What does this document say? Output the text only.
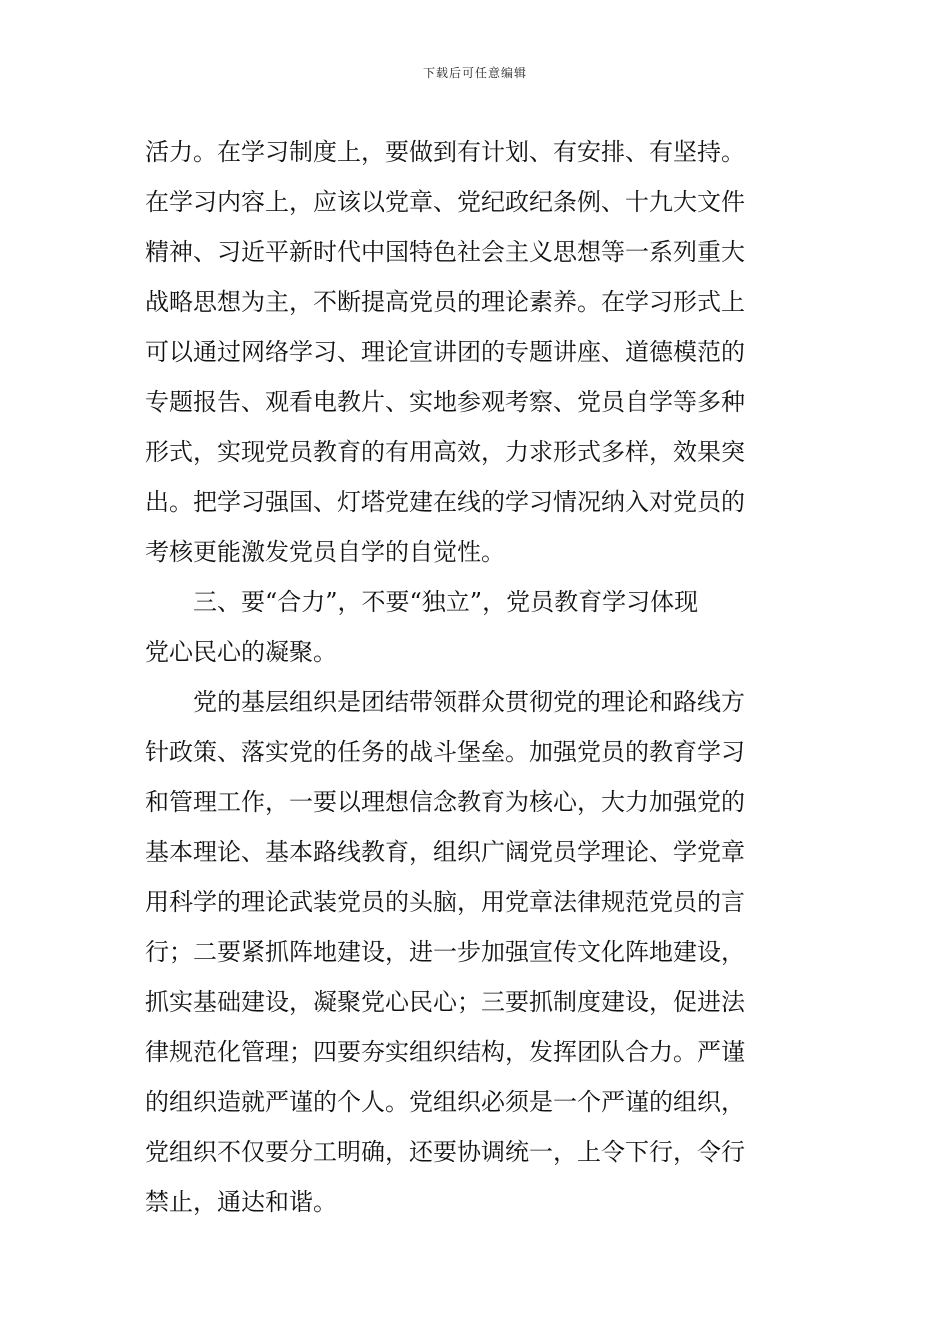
下载后可任意编辑
活力。在学习制度上，要做到有计划、有安排、有坚持。
在学习内容上，应该以党章、党纪政纪条例、十九大文件
精神、习近平新时代中国特色社会主义思想等一系列重大
战略思想为主，不断提高党员的理论素养。在学习形式上
可以通过网络学习、理论宣讲团的专题讲座、道德模范的
专题报告、观看电教片、实地参观考察、党员自学等多种
形式，实现党员教育的有用高效，力求形式多样，效果突
出。把学习强国、灯塔党建在线的学习情况纳入对党员的
考核更能激发党员自学的自觉性。
三、要“合力”，不要“独立”，党员教育学习体现
党心民心的凝聚。
党的基层组织是团结带领群众贯彻党的理论和路线方
针政策、落实党的任务的战斗堡垒。加强党员的教育学习
和管理工作，一要以理想信念教育为核心，大力加强党的
基本理论、基本路线教育，组织广阔党员学理论、学党章
用科学的理论武装党员的头脑，用党章法律规范党员的言
行；二要紧抓阵地建设，进一步加强宣传文化阵地建设，
抓实基础建设，凝聚党心民心；三要抓制度建设，促进法
律规范化管理；四要夯实组织结构，发挥团队合力。严谨
的组织造就严谨的个人。党组织必须是一个严谨的组织，
党组织不仅要分工明确，还要协调统一，上令下行，令行
禁止，通达和谐。
